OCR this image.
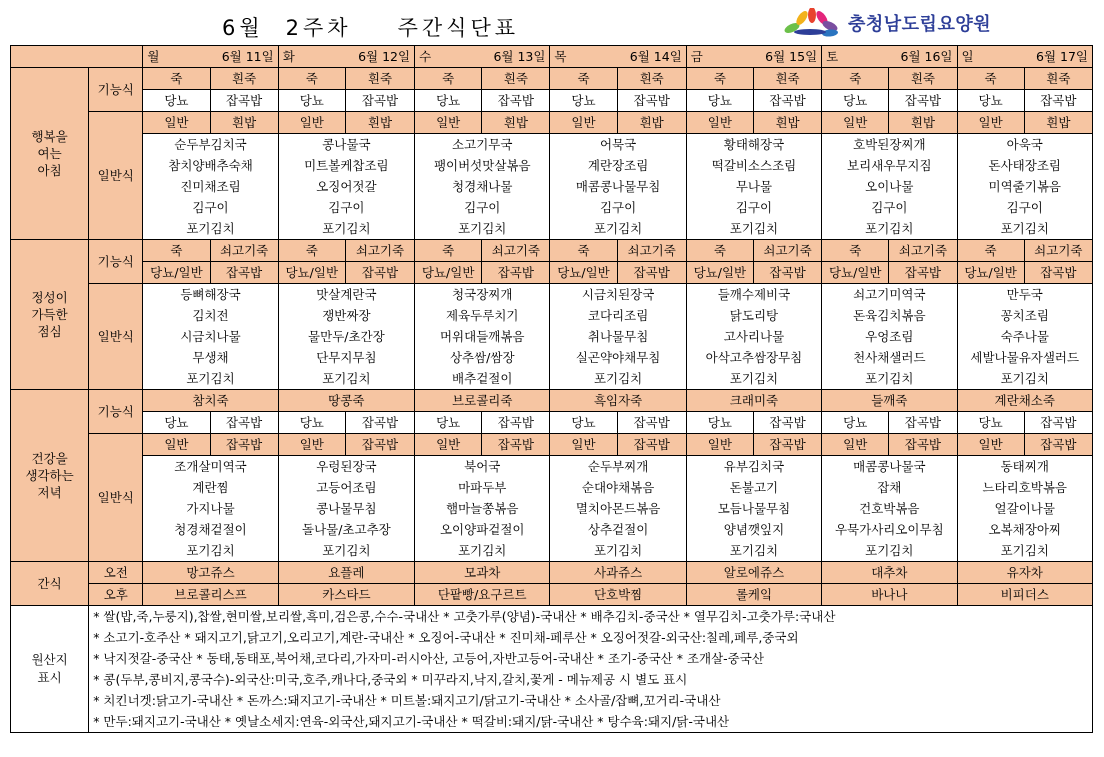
6월 2주차 주간식단표	충청남도립요양원

		월 6월 11일		화 6월 12일		수 6월 13일		목 6월 14일		금 6월 15일		토 6월 16일		일 6월 17일	

행복을
여는
아침	기능식	죽	흰죽	죽	흰죽	죽	흰죽	죽	흰죽	죽	흰죽	죽	흰죽	죽	흰죽
		당뇨	잡곡밥	당뇨	잡곡밥	당뇨	잡곡밥	당뇨	잡곡밥	당뇨	잡곡밥	당뇨	잡곡밥	당뇨	잡곡밥
	일반식	일반	흰밥	일반	흰밥	일반	흰밥	일반	흰밥	일반	흰밥	일반	흰밥	일반	흰밥
		순두부김치국		콩나물국		소고기무국		어묵국		황태해장국		호박된장찌개		아욱국	
		참치양배추숙채		미트볼케찹조림		팽이버섯맛살볶음		계란장조림		떡갈비소스조림		보리새우무지짐		돈사태장조림	
		진미채조림		오징어젓갈		청경채나물		매콤콩나물무침		무나물		오이나물		미역줄기볶음	
		김구이		김구이		김구이		김구이		김구이		김구이		김구이	
		포기김치		포기김치		포기김치		포기김치		포기김치		포기김치		포기김치	
정성이
가득한
점심	기능식	죽	쇠고기죽	죽	쇠고기죽	죽	쇠고기죽	죽	쇠고기죽	죽	쇠고기죽	죽	쇠고기죽	죽	쇠고기죽
		당뇨/일반	잡곡밥	당뇨/일반	잡곡밥	당뇨/일반	잡곡밥	당뇨/일반	잡곡밥	당뇨/일반	잡곡밥	당뇨/일반	잡곡밥	당뇨/일반	잡곡밥
	일반식	등뼈해장국		맛살계란국		청국장찌개		시금치된장국		들깨수제비국		쇠고기미역국		만두국	
		김치전		쟁반짜장		제육두루치기		코다리조림		닭도리탕		돈육김치볶음		꽁치조림	
		시금치나물		물만두/초간장		머위대들깨볶음		취나물무침		고사리나물		우엉조림		숙주나물	
		무생채		단무지무침		상추쌈/쌈장		실곤약야채무침		아삭고추쌈장무침		천사채샐러드		세발나물유자샐러드	
		포기김치		포기김치		배추겉절이		포기김치		포기김치		포기김치		포기김치	
건강을
생각하는
저녁	기능식	참치죽		땅콩죽		브로콜리죽		흑임자죽		크래미죽		들깨죽		계란채소죽	
		당뇨	잡곡밥	당뇨	잡곡밥	당뇨	잡곡밥	당뇨	잡곡밥	당뇨	잡곡밥	당뇨	잡곡밥	당뇨	잡곡밥
	일반식	일반	잡곡밥	일반	잡곡밥	일반	잡곡밥	일반	잡곡밥	일반	잡곡밥	일반	잡곡밥	일반	잡곡밥
		조개살미역국		우렁된장국		북어국		순두부찌개		유부김치국		매콤콩나물국		동태찌개	
		계란찜		고등어조림		마파두부		순대야채볶음		돈불고기		잡채		느타리호박볶음	
		가지나물		콩나물무침		햄마늘쫑볶음		멸치아몬드볶음		모듬나물무침		건호박볶음		얼갈이나물	
		청경채겉절이		돌나물/초고추장		오이양파겉절이		상추겉절이		양념깻잎지		우묵가사리오이무침		오복채장아찌	
		포기김치		포기김치		포기김치		포기김치		포기김치		포기김치		포기김치	
간식	오전	망고쥬스		요플레		모과차		사과쥬스		알로에쥬스		대추차		유자차	
	오후	브로콜리스프		카스타드		단팥빵/요구르트		단호박찜		롤케잌		바나나		비피더스	
원산지
표시	* 쌀(밥,죽,누룽지),찹쌀,현미쌀,보리쌀,흑미,검은콩,수수-국내산 * 고춧가루(양념)-국내산 * 배추김치-중국산 * 열무김치-고춧가루:국내산														
	* 소고기-호주산 * 돼지고기,닭고기,오리고기,계란-국내산 * 오징어-국내산 * 진미채-페루산 * 오징어젓갈-외국산:칠레,페루,중국외														
	* 낙지젓갈-중국산 * 동태,동태포,북어채,코다리,가자미-러시아산, 고등어,자반고등어-국내산 * 조기-중국산 * 조개살-중국산														
	* 콩(두부,콩비지,콩국수)-외국산:미국,호주,캐나다,중국외 * 미꾸라지,낙지,갈치,꽃게 - 메뉴제공 시 별도 표시														
	* 치킨너겟:닭고기-국내산 * 돈까스:돼지고기-국내산 * 미트볼:돼지고기/닭고기-국내산 * 소사골/잡뼈,꼬거리-국내산														
	* 만두:돼지고기-국내산 * 옛날소세지:연육-외국산,돼지고기-국내산 * 떡갈비:돼지/닭-국내산 * 탕수육:돼지/닭-국내산														
